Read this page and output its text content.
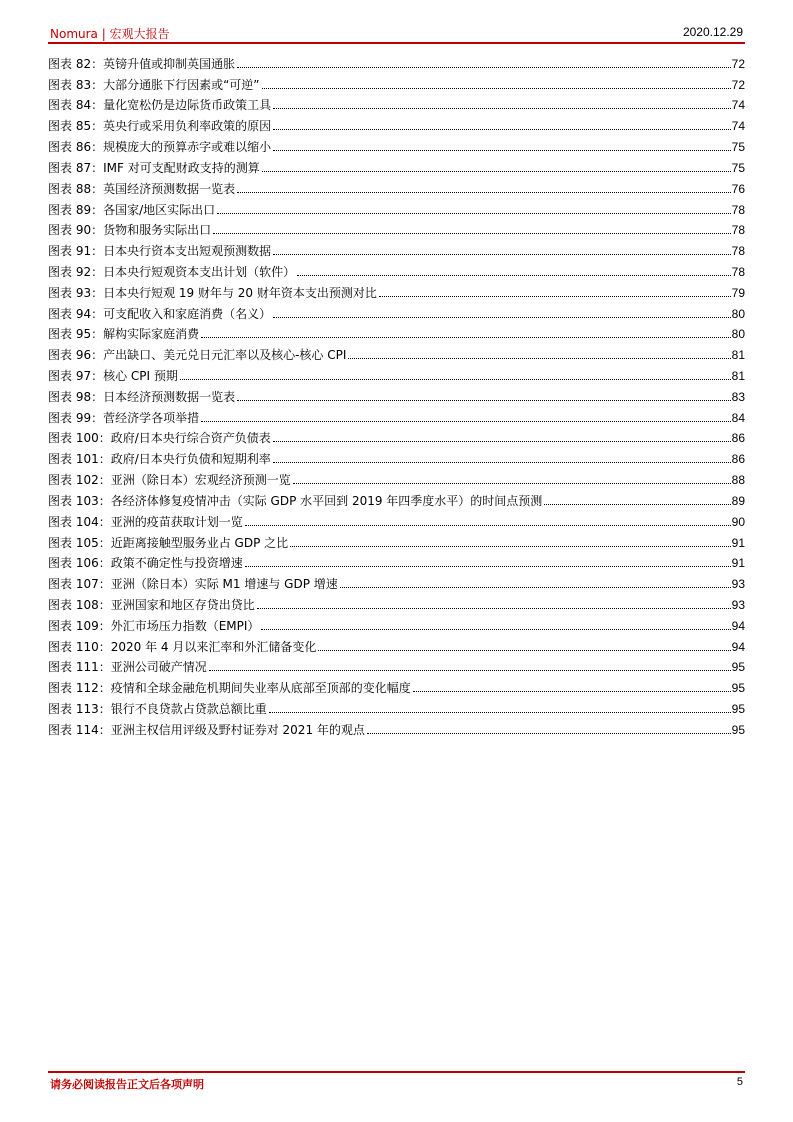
Nomura | 宏观大报告	2020.12.29
图表 82：英镑升值或抑制英国通胀	72
图表 83：大部分通胀下行因素或“可逆”	72
图表 84：量化宽松仍是边际货币政策工具	74
图表 85：英央行或采用负利率政策的原因	74
图表 86：规模庞大的预算赤字或难以缩小	75
图表 87：IMF 对可支配财政支持的测算	75
图表 88：英国经济预测数据一览表	76
图表 89：各国家/地区实际出口	78
图表 90：货物和服务实际出口	78
图表 91：日本央行资本支出短观预测数据	78
图表 92：日本央行短观资本支出计划（软件）	78
图表 93：日本央行短观 19 财年与 20 财年资本支出预测对比	79
图表 94：可支配收入和家庭消费（名义）	80
图表 95：解构实际家庭消费	80
图表 96：产出缺口、美元兑日元汇率以及核心-核心 CPI	81
图表 97：核心 CPI 预期	81
图表 98：日本经济预测数据一览表	83
图表 99：菅经济学各项举措	84
图表 100：政府/日本央行综合资产负债表	86
图表 101：政府/日本央行负债和短期利率	86
图表 102：亚洲（除日本）宏观经济预测一览	88
图表 103：各经济体修复疫情冲击（实际 GDP 水平回到 2019 年四季度水平）的时间点预测	89
图表 104：亚洲的疫苗获取计划一览	90
图表 105：近距离接触型服务业占 GDP 之比	91
图表 106：政策不确定性与投资增速	91
图表 107：亚洲（除日本）实际 M1 增速与 GDP 增速	93
图表 108：亚洲国家和地区存贷出贷比	93
图表 109：外汇市场压力指数（EMPI）	94
图表 110：2020 年 4 月以来汇率和外汇储备变化	94
图表 111：亚洲公司破产情况	95
图表 112：疫情和全球金融危机期间失业率从底部至顶部的变化幅度	95
图表 113：银行不良贷款占贷款总额比重	95
图表 114：亚洲主权信用评级及野村证券对 2021 年的观点	95
请务必阅读报告正文后各项声明	5
